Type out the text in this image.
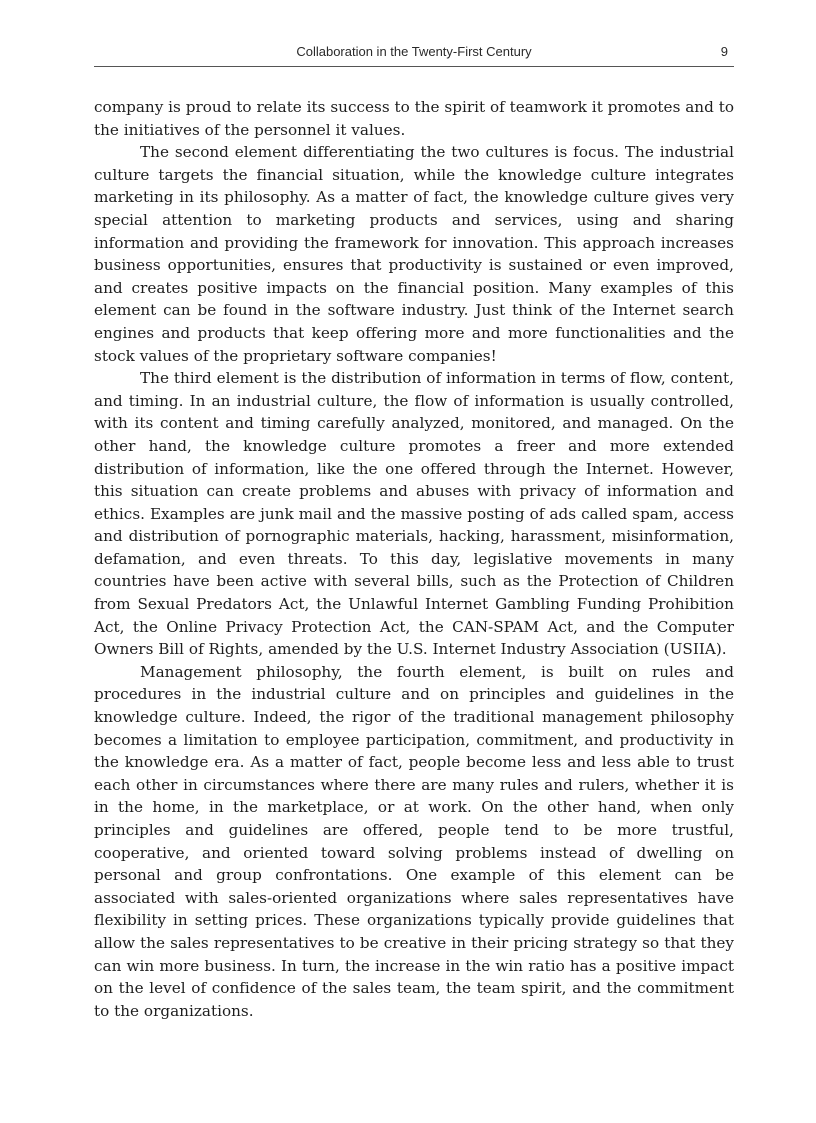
Collaboration in the Twenty-First Century	9

company is proud to relate its success to the spirit of teamwork it promotes and to the initiatives of the personnel it values.

The second element differentiating the two cultures is focus. The industrial culture targets the financial situation, while the knowledge culture integrates marketing in its philosophy. As a matter of fact, the knowledge culture gives very special attention to marketing products and services, using and sharing information and providing the framework for innovation. This approach increases business opportunities, ensures that productivity is sustained or even improved, and creates positive impacts on the financial position. Many examples of this element can be found in the software industry. Just think of the Internet search engines and products that keep offering more and more functionalities and the stock values of the proprietary software companies!

The third element is the distribution of information in terms of flow, content, and timing. In an industrial culture, the flow of information is usually controlled, with its content and timing carefully analyzed, monitored, and managed. On the other hand, the knowledge culture promotes a freer and more extended distribution of information, like the one offered through the Internet. However, this situation can create problems and abuses with privacy of information and ethics. Examples are junk mail and the massive posting of ads called spam, access and distribution of pornographic materials, hacking, harassment, misinformation, defamation, and even threats. To this day, legislative movements in many countries have been active with several bills, such as the Protection of Children from Sexual Predators Act, the Unlawful Internet Gambling Funding Prohibition Act, the Online Privacy Protection Act, the CAN-SPAM Act, and the Computer Owners Bill of Rights, amended by the U.S. Internet Industry Association (USIIA).

Management philosophy, the fourth element, is built on rules and procedures in the industrial culture and on principles and guidelines in the knowledge culture. Indeed, the rigor of the traditional management philosophy becomes a limitation to employee participation, commitment, and productivity in the knowledge era. As a matter of fact, people become less and less able to trust each other in circumstances where there are many rules and rulers, whether it is in the home, in the marketplace, or at work. On the other hand, when only principles and guidelines are offered, people tend to be more trustful, cooperative, and oriented toward solving problems instead of dwelling on personal and group confrontations. One example of this element can be associated with sales-oriented organizations where sales representatives have flexibility in setting prices. These organizations typically provide guidelines that allow the sales representatives to be creative in their pricing strategy so that they can win more business. In turn, the increase in the win ratio has a positive impact on the level of confidence of the sales team, the team spirit, and the commitment to the organizations.
